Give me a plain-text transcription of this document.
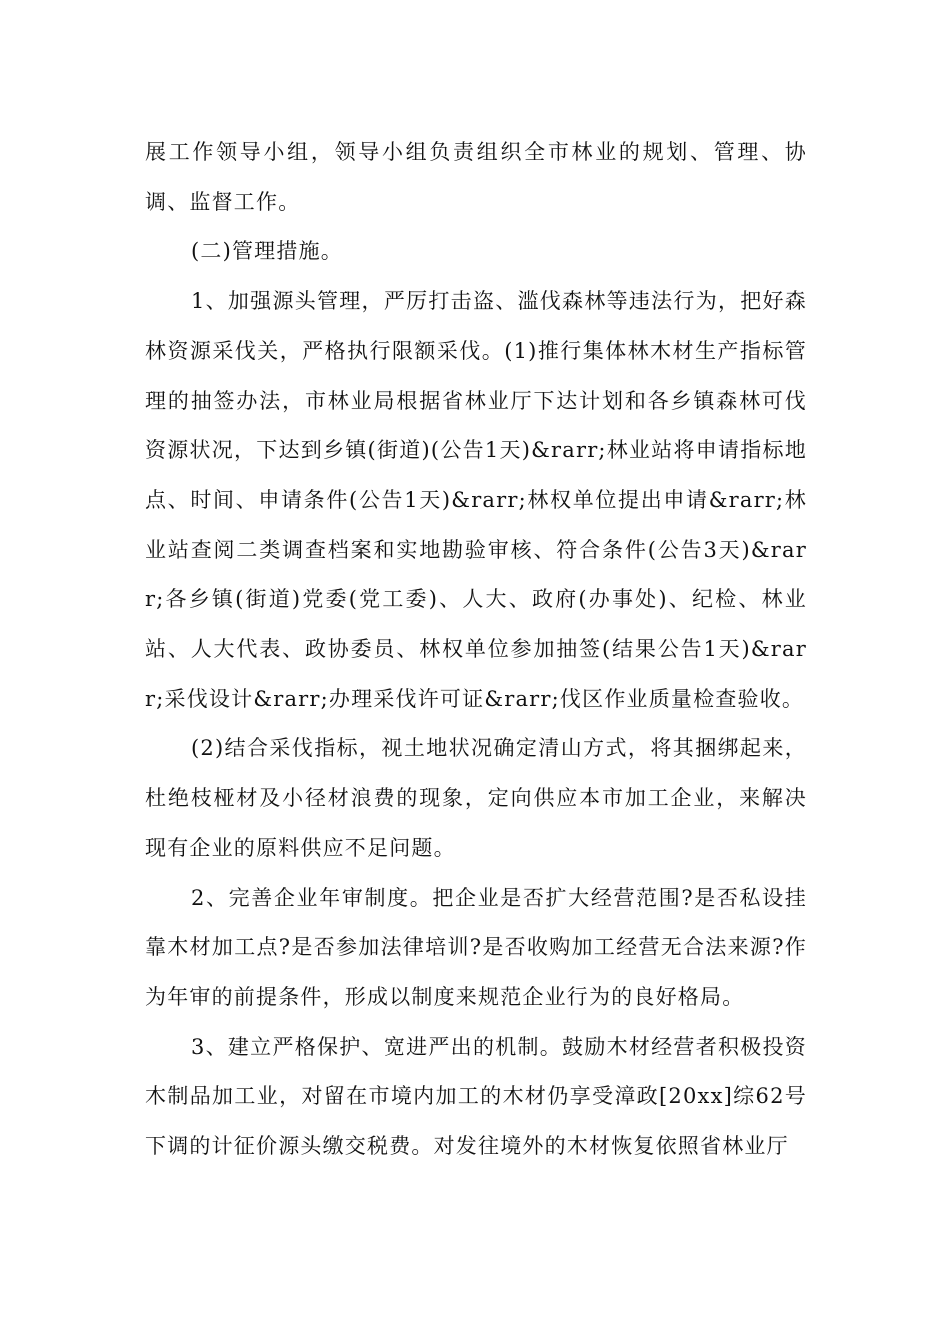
展工作领导小组，领导小组负责组织全市林业的规划、管理、协调、监督工作。

(二)管理措施。

1、加强源头管理，严厉打击盗、滥伐森林等违法行为，把好森林资源采伐关，严格执行限额采伐。(1)推行集体林木材生产指标管理的抽签办法，市林业局根据省林业厅下达计划和各乡镇森林可伐资源状况，下达到乡镇(街道)(公告1天)&rarr;林业站将申请指标地点、时间、申请条件(公告1天)&rarr;林权单位提出申请&rarr;林业站查阅二类调查档案和实地勘验审核、符合条件(公告3天)&rarr;各乡镇(街道)党委(党工委)、人大、政府(办事处)、纪检、林业站、人大代表、政协委员、林权单位参加抽签(结果公告1天)&rarr;采伐设计&rarr;办理采伐许可证&rarr;伐区作业质量检查验收。

(2)结合采伐指标，视土地状况确定清山方式，将其捆绑起来，杜绝枝桠材及小径材浪费的现象，定向供应本市加工企业，来解决现有企业的原料供应不足问题。

2、完善企业年审制度。把企业是否扩大经营范围?是否私设挂靠木材加工点?是否参加法律培训?是否收购加工经营无合法来源?作为年审的前提条件，形成以制度来规范企业行为的良好格局。

3、建立严格保护、宽进严出的机制。鼓励木材经营者积极投资木制品加工业，对留在市境内加工的木材仍享受漳政[20xx]综62号下调的计征价源头缴交税费。对发往境外的木材恢复依照省林业厅
